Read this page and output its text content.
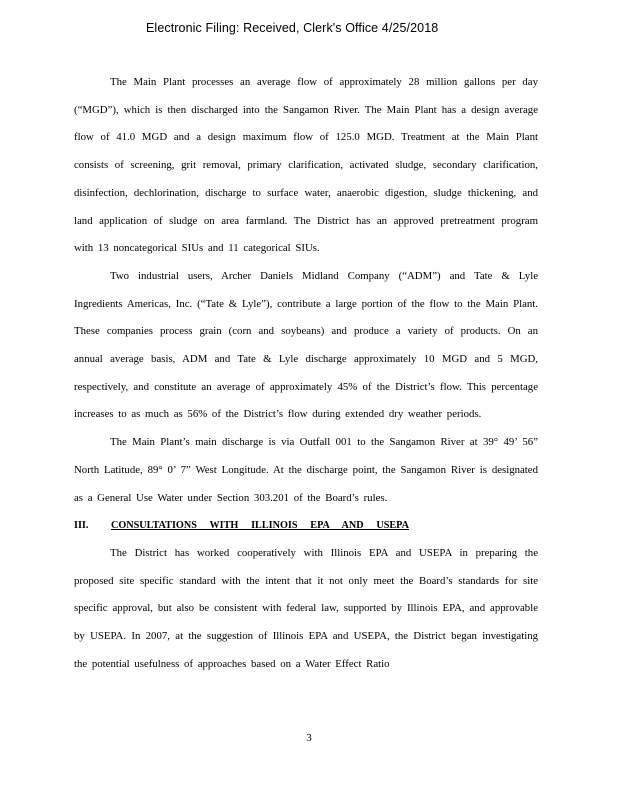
Electronic Filing: Received, Clerk's Office 4/25/2018

The Main Plant processes an average flow of approximately 28 million gallons per day (“MGD”), which is then discharged into the Sangamon River. The Main Plant has a design average flow of 41.0 MGD and a design maximum flow of 125.0 MGD. Treatment at the Main Plant consists of screening, grit removal, primary clarification, activated sludge, secondary clarification, disinfection, dechlorination, discharge to surface water, anaerobic digestion, sludge thickening, and land application of sludge on area farmland. The District has an approved pretreatment program with 13 noncategorical SIUs and 11 categorical SIUs.

Two industrial users, Archer Daniels Midland Company (“ADM”) and Tate & Lyle Ingredients Americas, Inc. (“Tate & Lyle”), contribute a large portion of the flow to the Main Plant. These companies process grain (corn and soybeans) and produce a variety of products. On an annual average basis, ADM and Tate & Lyle discharge approximately 10 MGD and 5 MGD, respectively, and constitute an average of approximately 45% of the District’s flow. This percentage increases to as much as 56% of the District’s flow during extended dry weather periods.

The Main Plant’s main discharge is via Outfall 001 to the Sangamon River at 39° 49’ 56” North Latitude, 89° 0’ 7” West Longitude. At the discharge point, the Sangamon River is designated as a General Use Water under Section 303.201 of the Board’s rules.

III.	CONSULTATIONS WITH ILLINOIS EPA AND USEPA

The District has worked cooperatively with Illinois EPA and USEPA in preparing the proposed site specific standard with the intent that it not only meet the Board’s standards for site specific approval, but also be consistent with federal law, supported by Illinois EPA, and approvable by USEPA. In 2007, at the suggestion of Illinois EPA and USEPA, the District began investigating the potential usefulness of approaches based on a Water Effect Ratio

3
